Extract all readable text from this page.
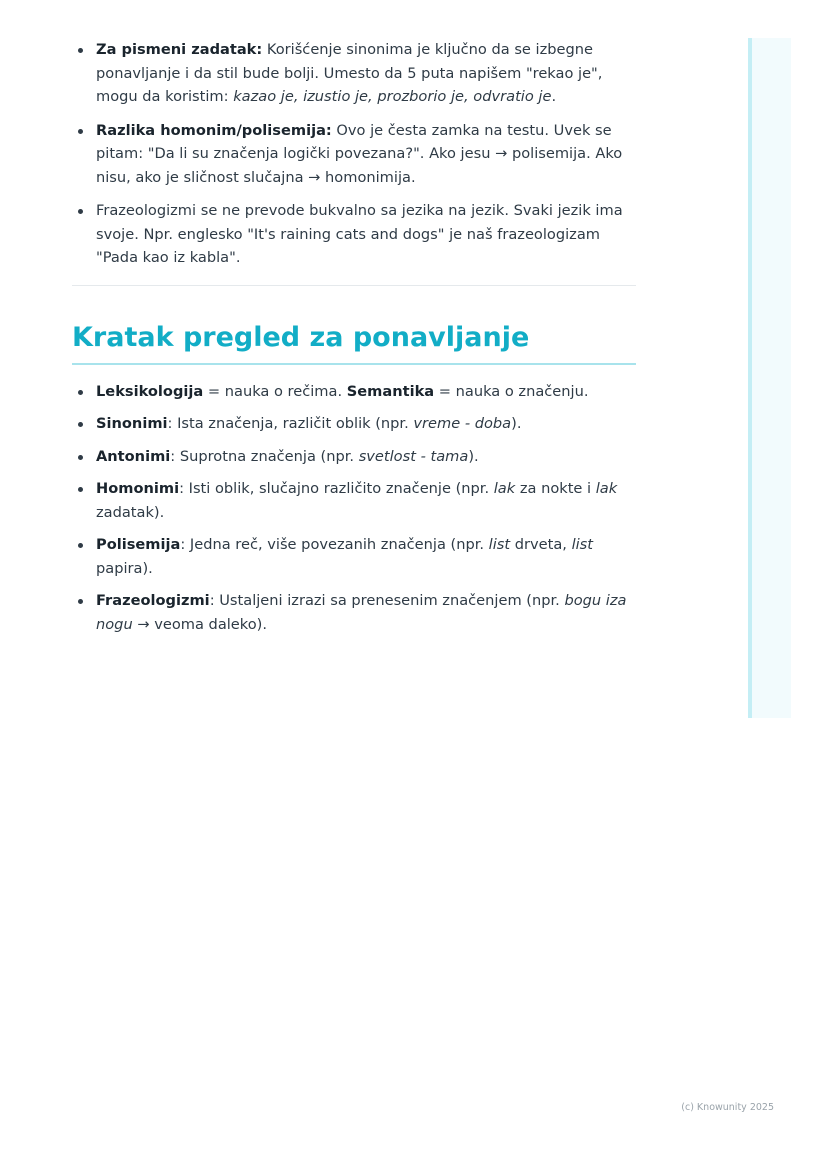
Za pismeni zadatak: Korišćenje sinonima je ključno da se izbegne ponavljanje i da stil bude bolji. Umesto da 5 puta napišem "rekao je", mogu da koristim: kazao je, izustio je, prozborio je, odvratio je.
Razlika homonim/polisemija: Ovo je česta zamka na testu. Uvek se pitam: "Da li su značenja logički povezana?". Ako jesu → polisemija. Ako nisu, ako je sličnost slučajna → homonimija.
Frazeologizmi se ne prevode bukvalno sa jezika na jezik. Svaki jezik ima svoje. Npr. englesko "It's raining cats and dogs" je naš frazeologizam "Pada kao iz kabla".
Kratak pregled za ponavljanje
Leksikologija = nauka o rečima. Semantika = nauka o značenju.
Sinonimi: Ista značenja, različit oblik (npr. vreme - doba).
Antonimi: Suprotna značenja (npr. svetlost - tama).
Homonimi: Isti oblik, slučajno različito značenje (npr. lak za nokte i lak zadatak).
Polisemija: Jedna reč, više povezanih značenja (npr. list drveta, list papira).
Frazeologizmi: Ustaljeni izrazi sa prenesenim značenjem (npr. bogu iza nogu → veoma daleko).
(c) Knowunity 2025
